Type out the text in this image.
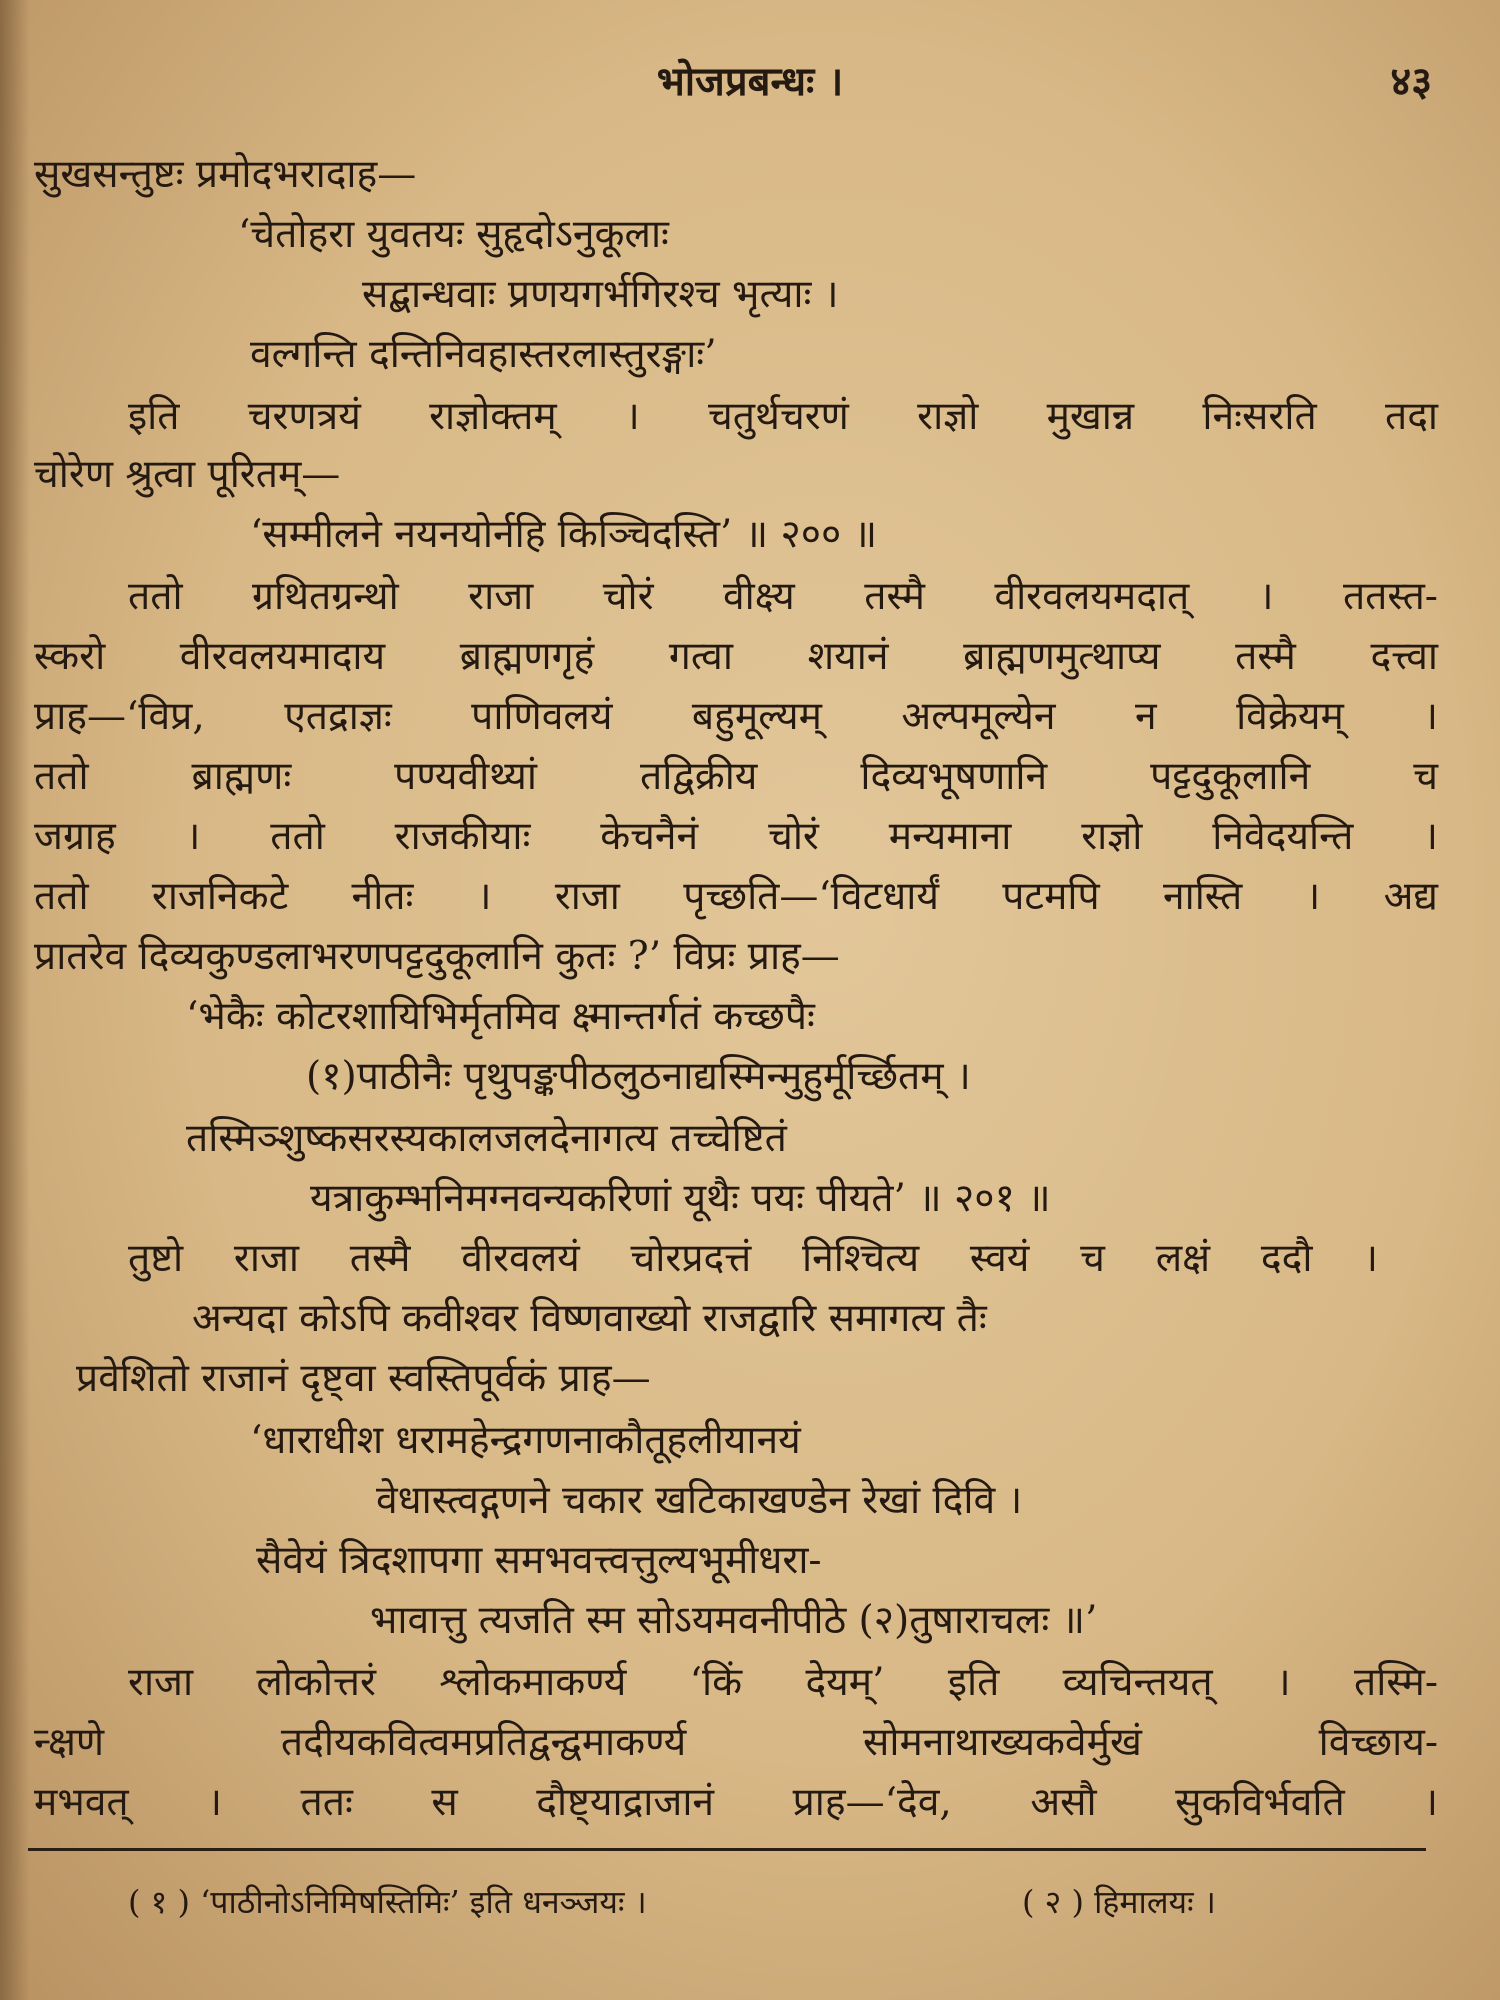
भोजप्रबन्धः ।	४३
सुखसन्तुष्टः प्रमोदभरादाह—
‘चेतोहरा युवतयः सुहृदोऽनुकूलाः
सद्बान्धवाः प्रणयगर्भगिरश्च भृत्याः ।
वल्गन्ति दन्तिनिवहास्तरलास्तुरङ्गाः’
इति चरणत्रयं राज्ञोक्तम् । चतुर्थचरणं राज्ञो मुखान्न निःसरति तदा
चोरेण श्रुत्वा पूरितम्—
‘सम्मीलने नयनयोर्नहि किञ्चिदस्ति’ ॥ २०० ॥
ततो ग्रथितग्रन्थो राजा चोरं वीक्ष्य तस्मै वीरवलयमदात् । ततस्त-
स्करो वीरवलयमादाय ब्राह्मणगृहं गत्वा शयानं ब्राह्मणमुत्थाप्य तस्मै दत्त्वा
प्राह—‘विप्र, एतद्राज्ञः पाणिवलयं बहुमूल्यम् अल्पमूल्येन न विक्रेयम् ।
ततो ब्राह्मणः पण्यवीथ्यां तद्विक्रीय दिव्यभूषणानि पट्टदुकूलानि च
जग्राह । ततो राजकीयाः केचनैनं चोरं मन्यमाना राज्ञो निवेदयन्ति ।
ततो राजनिकटे नीतः । राजा पृच्छति—‘विटधार्यं पटमपि नास्ति । अद्य
प्रातरेव दिव्यकुण्डलाभरणपट्टदुकूलानि कुतः ?’ विप्रः प्राह—
‘भेकैः कोटरशायिभिर्मृतमिव क्ष्मान्तर्गतं कच्छपैः
(१)पाठीनैः पृथुपङ्कपीठलुठनाद्यस्मिन्मुहुर्मूर्च्छितम् ।
तस्मिञ्शुष्कसरस्यकालजलदेनागत्य तच्चेष्टितं
यत्राकुम्भनिमग्नवन्यकरिणां यूथैः पयः पीयते’ ॥ २०१ ॥
तुष्टो राजा तस्मै वीरवलयं चोरप्रदत्तं निश्चित्य स्वयं च लक्षं ददौ ।
अन्यदा कोऽपि कवीश्वर विष्णवाख्यो राजद्वारि समागत्य तैः
प्रवेशितो राजानं दृष्ट्वा स्वस्तिपूर्वकं प्राह—
‘धाराधीश धरामहेन्द्रगणनाकौतूहलीयानयं
वेधास्त्वद्गणने चकार खटिकाखण्डेन रेखां दिवि ।
सैवेयं त्रिदशापगा समभवत्त्वत्तुल्यभूमीधरा-
भावात्तु त्यजति स्म सोऽयमवनीपीठे (२)तुषाराचलः ॥’
राजा लोकोत्तरं श्लोकमाकर्ण्य ‘किं देयम्’ इति व्यचिन्तयत् । तस्मि-
न्क्षणे तदीयकवित्वमप्रतिद्वन्द्वमाकर्ण्य सोमनाथाख्यकवेर्मुखं विच्छाय-
मभवत् । ततः स दौष्ट्याद्राजानं प्राह—‘देव, असौ सुकविर्भवति ।
( १ ) ‘पाठीनोऽनिमिषस्तिमिः’ इति धनञ्जयः ।	( २ ) हिमालयः ।
